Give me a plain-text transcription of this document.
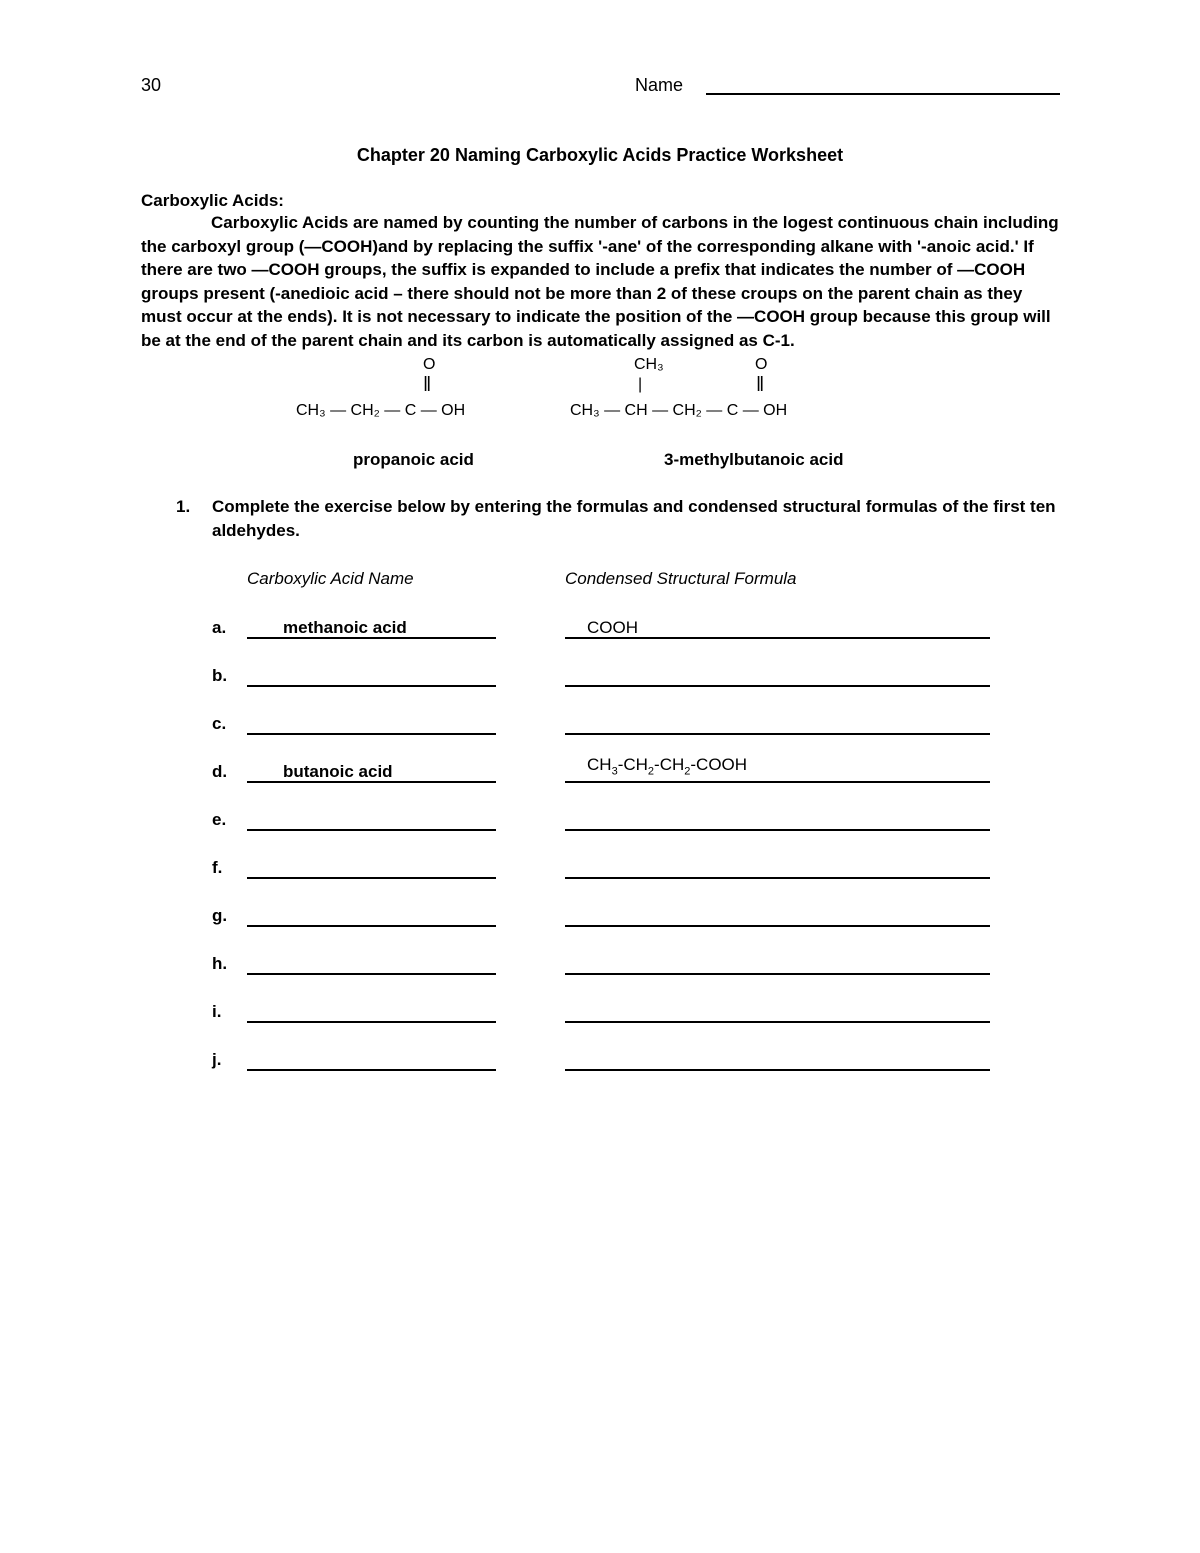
30	Name
Chapter 20 Naming Carboxylic Acids Practice Worksheet
Carboxylic Acids:
Carboxylic Acids are named by counting the number of carbons in the logest continuous chain including the carboxyl group (—COOH)and by replacing the suffix '-ane' of the corresponding alkane with '-anoic acid.' If there are two —COOH groups, the suffix is expanded to include a prefix that indicates the number of —COOH groups present (-anedioic acid – there should not be more than 2 of these croups on the parent chain as they must occur at the ends). It is not necessary to indicate the position of the —COOH group because this group will be at the end of the parent chain and its carbon is automatically assigned as C-1.
O
‖
CH₃ — CH₂ — C — OH
propanoic acid
CH₃
|
O
‖
CH₃ — CH — CH₂ — C — OH
3-methylbutanoic acid
1. Complete the exercise below by entering the formulas and condensed structural formulas of the first ten aldehydes.
Carboxylic Acid Name	Condensed Structural Formula
a.	methanoic acid	COOH
b.
c.
d.	butanoic acid	$CH_3-CH_2-CH_2$-COOH
e.
f.
g.
h.
i.
j.
